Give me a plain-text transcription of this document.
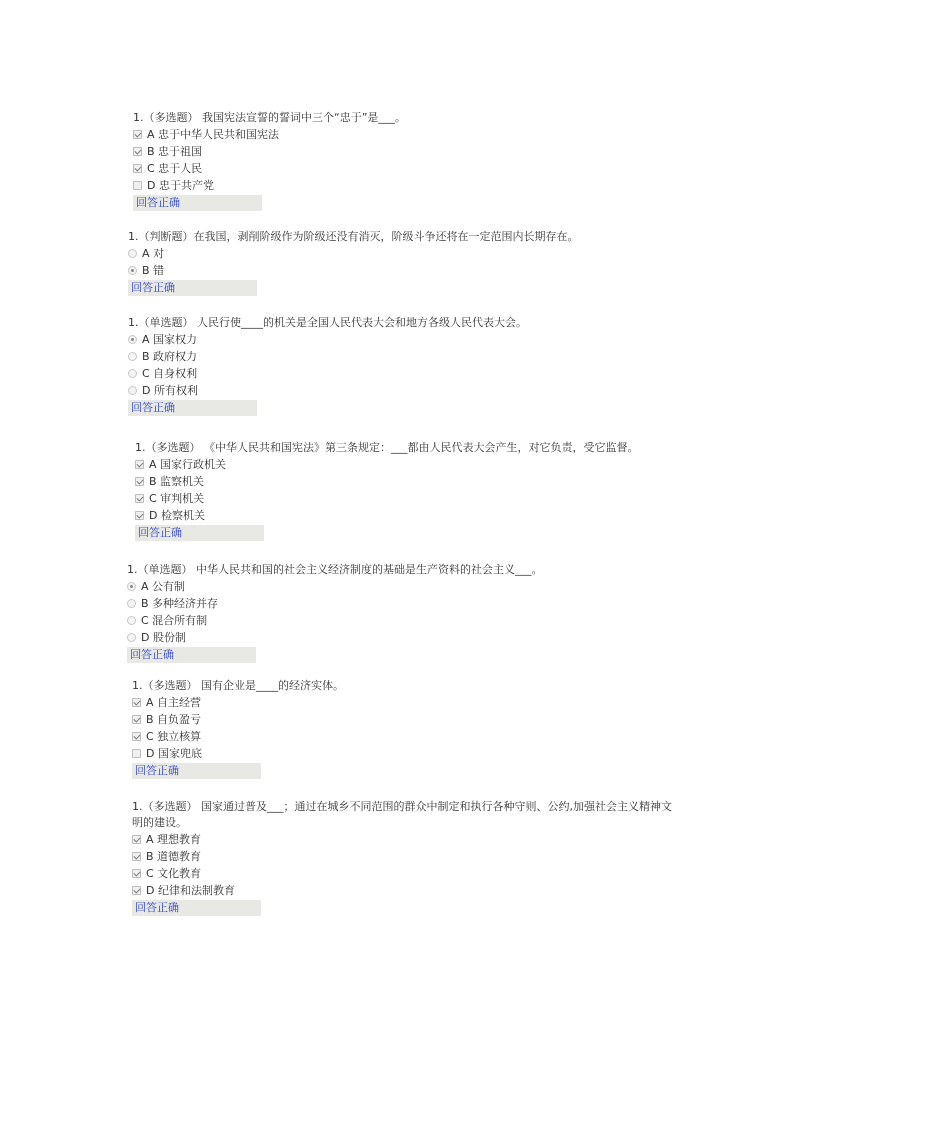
1.（多选题） 我国宪法宣誓的誓词中三个“忠于”是___。
A 忠于中华人民共和国宪法
B 忠于祖国
C 忠于人民
D 忠于共产党
回答正确
1.（判断题）在我国，剥削阶级作为阶级还没有消灭，阶级斗争还将在一定范围内长期存在。
A 对
B 错
回答正确
1.（单选题） 人民行使____的机关是全国人民代表大会和地方各级人民代表大会。
A 国家权力
B 政府权力
C 自身权利
D 所有权利
回答正确
1.（多选题） 《中华人民共和国宪法》第三条规定：___都由人民代表大会产生，对它负责，受它监督。
A 国家行政机关
B 监察机关
C 审判机关
D 检察机关
回答正确
1.（单选题） 中华人民共和国的社会主义经济制度的基础是生产资料的社会主义___。
A 公有制
B 多种经济并存
C 混合所有制
D 股份制
回答正确
1.（多选题） 国有企业是____的经济实体。
A 自主经营
B 自负盈亏
C 独立核算
D 国家兜底
回答正确
1.（多选题） 国家通过普及___；通过在城乡不同范围的群众中制定和执行各种守则、公约,加强社会主义精神文明的建设。
A 理想教育
B 道德教育
C 文化教育
D 纪律和法制教育
回答正确
